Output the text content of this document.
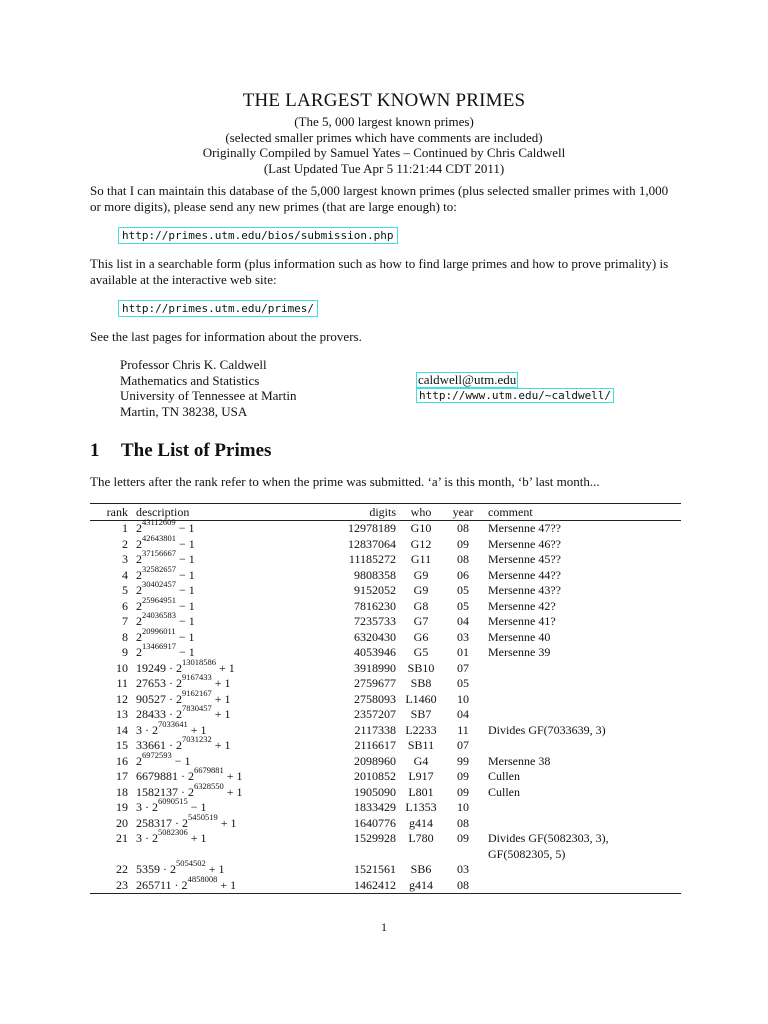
THE LARGEST KNOWN PRIMES
(The 5, 000 largest known primes)
(selected smaller primes which have comments are included)
Originally Compiled by Samuel Yates – Continued by Chris Caldwell
(Last Updated Tue Apr 5 11:21:44 CDT 2011)
So that I can maintain this database of the 5,000 largest known primes (plus selected smaller primes with 1,000 or more digits), please send any new primes (that are large enough) to:
http://primes.utm.edu/bios/submission.php
This list in a searchable form (plus information such as how to find large primes and how to prove primality) is available at the interactive web site:
http://primes.utm.edu/primes/
See the last pages for information about the provers.
Professor Chris K. Caldwell
Mathematics and Statistics
University of Tennessee at Martin
Martin, TN 38238, USA
caldwell@utm.edu
http://www.utm.edu/~caldwell/
1 The List of Primes
The letters after the rank refer to when the prime was submitted. ‘a’ is this month, ‘b’ last month...
rank	description	digits	who	year	comment
1	$2^{43112609} - 1$	12978189	G10	08	Mersenne 47??

2	$2^{42643801} - 1$	12837064	G12	09	Mersenne 46??

3	$2^{37156667} - 1$	11185272	G11	08	Mersenne 45??

4	$2^{32582657} - 1$	9808358	G9	06	Mersenne 44??

5	$2^{30402457} - 1$	9152052	G9	05	Mersenne 43??

6	$2^{25964951} - 1$	7816230	G8	05	Mersenne 42?

7	$2^{24036583} - 1$	7235733	G7	04	Mersenne 41?

8	$2^{20996011} - 1$	6320430	G6	03	Mersenne 40

9	$2^{13466917} - 1$	4053946	G5	01	Mersenne 39

10	$19249 \cdot 2^{13018586} + 1$	3918990	SB10	07	

11	$27653 \cdot 2^{9167433} + 1$	2759677	SB8	05	

12	$90527 \cdot 2^{9162167} + 1$	2758093	L1460	10	

13	$28433 \cdot 2^{7830457} + 1$	2357207	SB7	04	

14	$3 \cdot 2^{7033641} + 1$	2117338	L2233	11	Divides GF(7033639, 3)

15	$33661 \cdot 2^{7031232} + 1$	2116617	SB11	07	

16	$2^{6972593} - 1$	2098960	G4	99	Mersenne 38

17	$6679881 \cdot 2^{6679881} + 1$	2010852	L917	09	Cullen

18	$1582137 \cdot 2^{6328550} + 1$	1905090	L801	09	Cullen

19	$3 \cdot 2^{6090515} - 1$	1833429	L1353	10	

20	$258317 \cdot 2^{5450519} + 1$	1640776	g414	08	

21	$3 \cdot 2^{5082306} + 1$	1529928	L780	09	Divides GF(5082303, 3),
GF(5082305, 5)

22	$5359 \cdot 2^{5054502} + 1$	1521561	SB6	03	

23	$265711 \cdot 2^{4858008} + 1$	1462412	g414	08	
1
